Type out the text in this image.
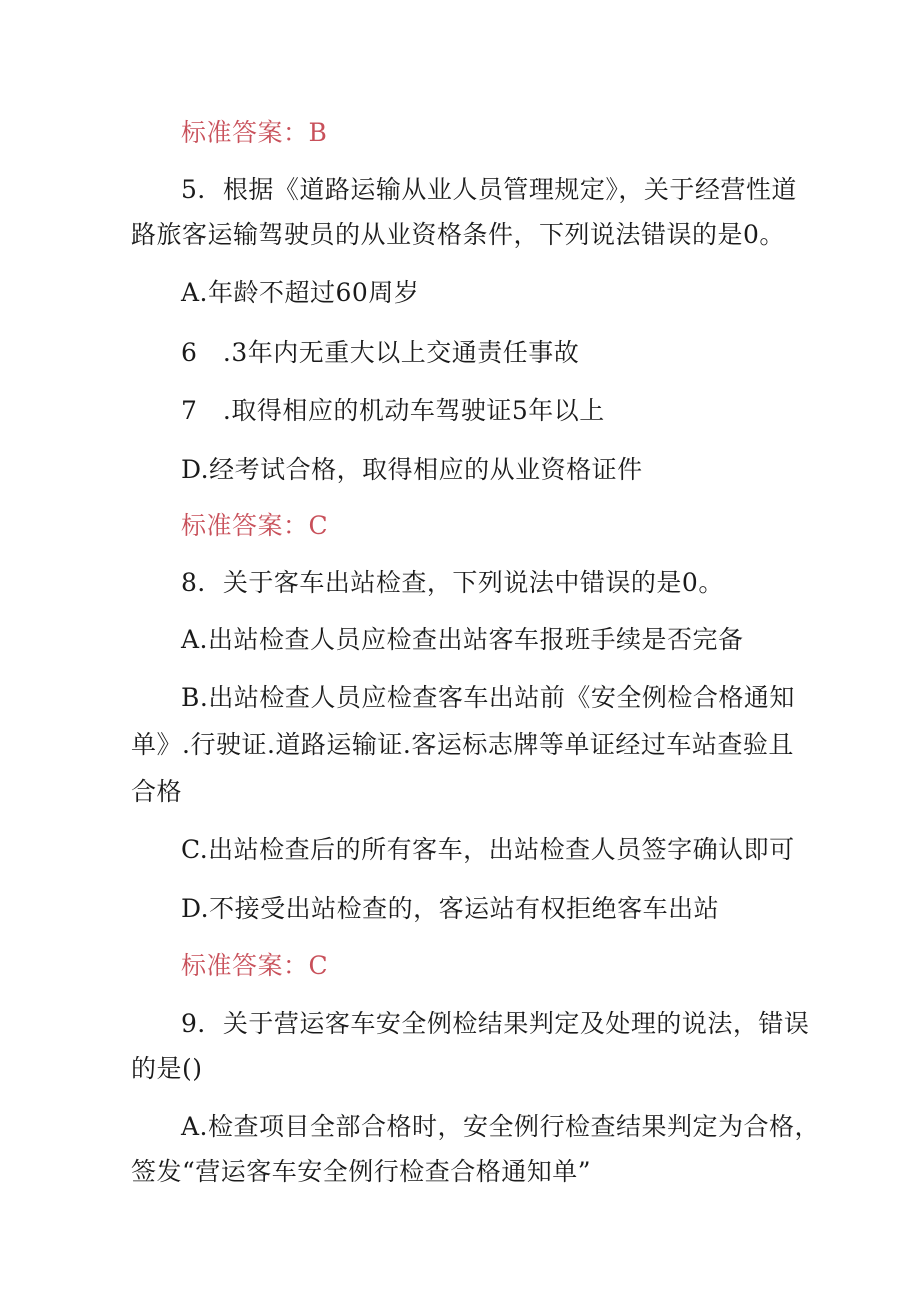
标准答案：B
5．根据《道路运输从业人员管理规定》，关于经营性道
路旅客运输驾驶员的从业资格条件，下列说法错误的是0。
A.年龄不超过60周岁
6　.3年内无重大以上交通责任事故
7　.取得相应的机动车驾驶证5年以上
D.经考试合格，取得相应的从业资格证件
标准答案：C
8．关于客车出站检查，下列说法中错误的是0。
A.出站检查人员应检查出站客车报班手续是否完备
B.出站检查人员应检查客车出站前《安全例检合格通知
单》.行驶证.道路运输证.客运标志牌等单证经过车站查验且
合格
C.出站检查后的所有客车，出站检查人员签字确认即可
D.不接受出站检查的，客运站有权拒绝客车出站
标准答案：C
9．关于营运客车安全例检结果判定及处理的说法，错误
的是()
A.检查项目全部合格时，安全例行检查结果判定为合格，
签发“营运客车安全例行检查合格通知单”
